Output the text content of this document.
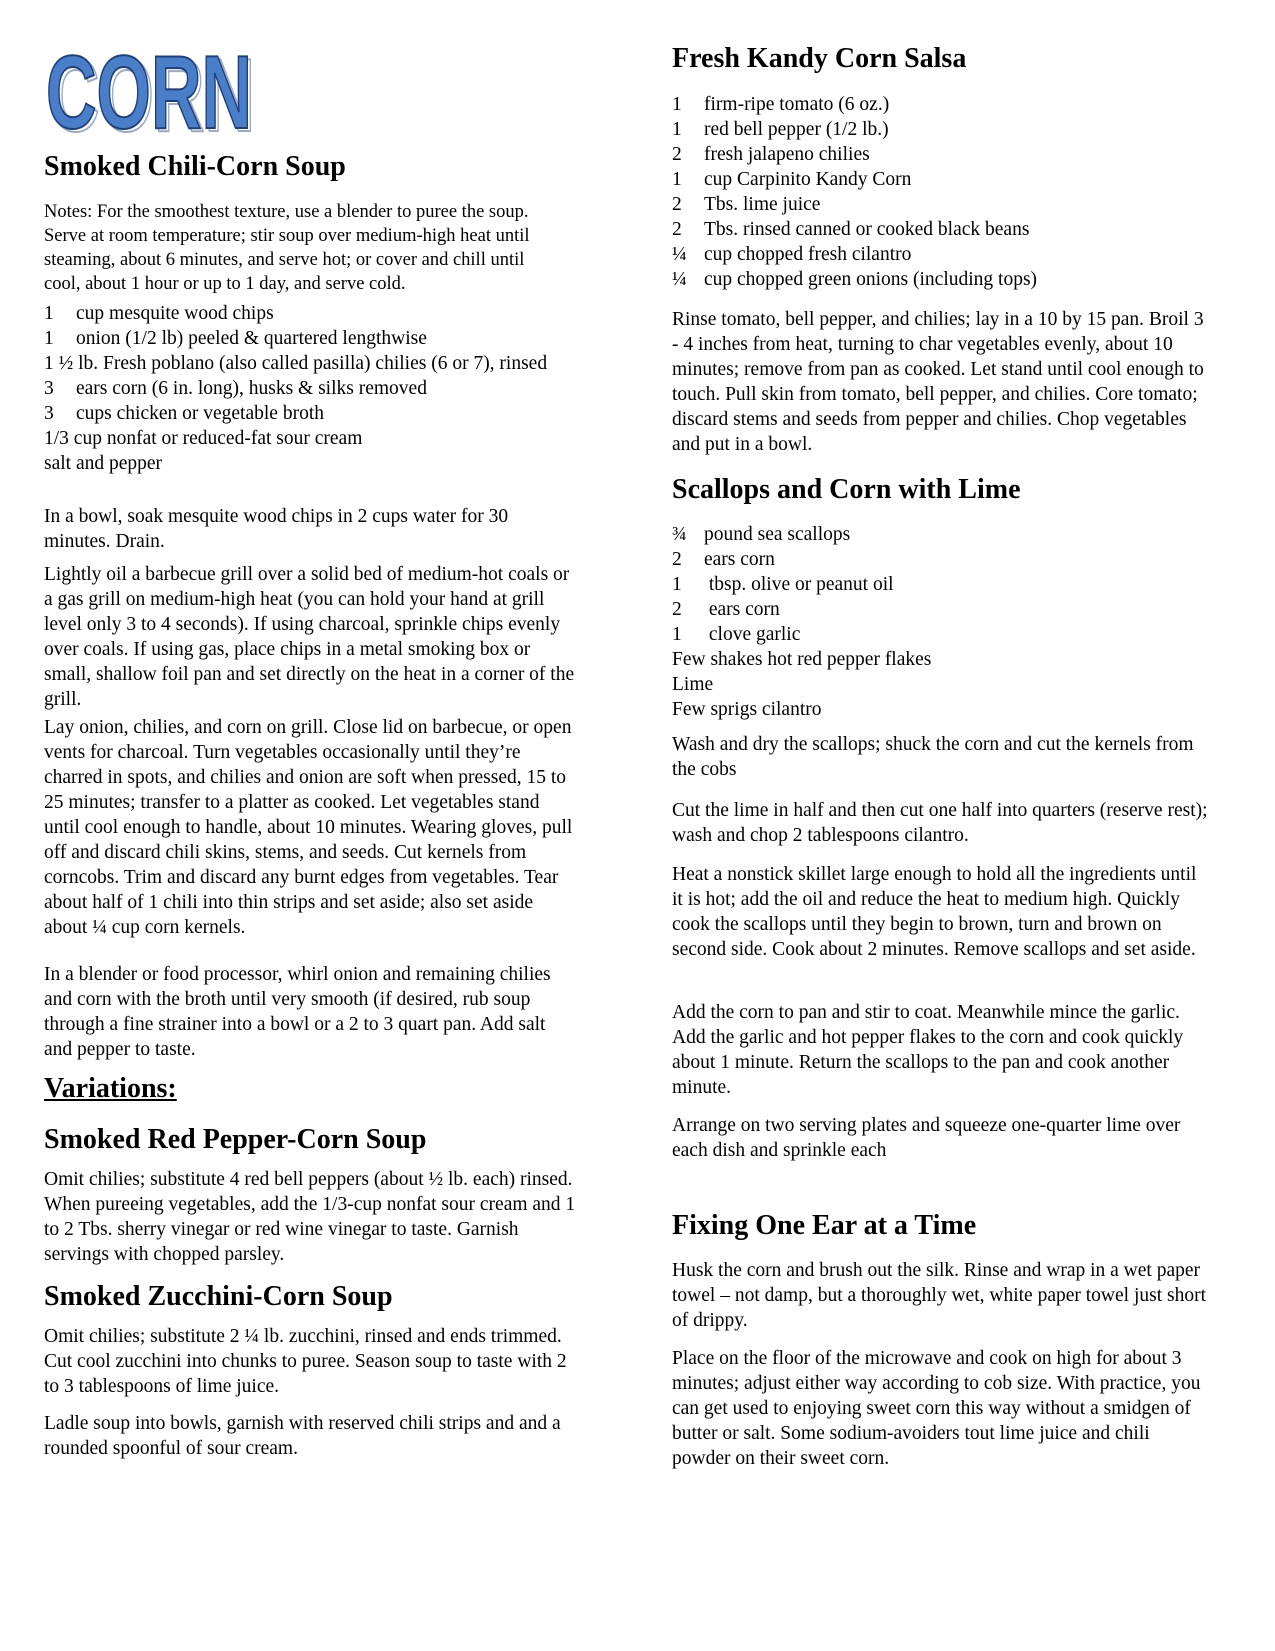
CORN
CORN
Smoked Chili-Corn Soup

Notes: For the smoothest texture, use a blender to puree the soup. Serve at room temperature; stir soup over medium-high heat until steaming, about 6 minutes, and serve hot; or cover and chill until cool, about 1 hour or up to 1 day, and serve cold.

1 cup mesquite wood chips
1 onion (1/2 lb) peeled & quartered lengthwise
1 ½ lb. Fresh poblano (also called pasilla) chilies (6 or 7), rinsed
3 ears corn (6 in. long), husks & silks removed
3 cups chicken or vegetable broth
1/3 cup nonfat or reduced-fat sour cream
salt and pepper

In a bowl, soak mesquite wood chips in 2 cups water for 30 minutes. Drain.

Lightly oil a barbecue grill over a solid bed of medium-hot coals or a gas grill on medium-high heat (you can hold your hand at grill level only 3 to 4 seconds). If using charcoal, sprinkle chips evenly over coals. If using gas, place chips in a metal smoking box or small, shallow foil pan and set directly on the heat in a corner of the grill.

Lay onion, chilies, and corn on grill. Close lid on barbecue, or open vents for charcoal. Turn vegetables occasionally until they’re charred in spots, and chilies and onion are soft when pressed, 15 to 25 minutes; transfer to a platter as cooked. Let vegetables stand until cool enough to handle, about 10 minutes. Wearing gloves, pull off and discard chili skins, stems, and seeds. Cut kernels from corncobs. Trim and discard any burnt edges from vegetables. Tear about half of 1 chili into thin strips and set aside; also set aside about ¼ cup corn kernels.

In a blender or food processor, whirl onion and remaining chilies and corn with the broth until very smooth (if desired, rub soup through a fine strainer into a bowl or a 2 to 3 quart pan. Add salt and pepper to taste.

Variations:
Smoked Red Pepper-Corn Soup

Omit chilies; substitute 4 red bell peppers (about ½ lb. each) rinsed. When pureeing vegetables, add the 1/3-cup nonfat sour cream and 1 to 2 Tbs. sherry vinegar or red wine vinegar to taste. Garnish servings with chopped parsley.

Smoked Zucchini-Corn Soup

Omit chilies; substitute 2 ¼ lb. zucchini, rinsed and ends trimmed. Cut cool zucchini into chunks to puree. Season soup to taste with 2 to 3 tablespoons of lime juice.

Ladle soup into bowls, garnish with reserved chili strips and and a rounded spoonful of sour cream.

Fresh Kandy Corn Salsa
1 firm-ripe tomato (6 oz.)
1 red bell pepper (1/2 lb.)
2 fresh jalapeno chilies
1 cup Carpinito Kandy Corn
2 Tbs. lime juice
2 Tbs. rinsed canned or cooked black beans
¼ cup chopped fresh cilantro
¼ cup chopped green onions (including tops)

Rinse tomato, bell pepper, and chilies; lay in a 10 by 15 pan. Broil 3 - 4 inches from heat, turning to char vegetables evenly, about 10 minutes; remove from pan as cooked. Let stand until cool enough to touch. Pull skin from tomato, bell pepper, and chilies. Core tomato; discard stems and seeds from pepper and chilies. Chop vegetables and put in a bowl.

Scallops and Corn with Lime
¾ pound sea scallops
2 ears corn
1 tbsp. olive or peanut oil
2 ears corn
1 clove garlic
Few shakes hot red pepper flakes
Lime
Few sprigs cilantro

Wash and dry the scallops; shuck the corn and cut the kernels from the cobs

Cut the lime in half and then cut one half into quarters (reserve rest); wash and chop 2 tablespoons cilantro.

Heat a nonstick skillet large enough to hold all the ingredients until it is hot; add the oil and reduce the heat to medium high. Quickly cook the scallops until they begin to brown, turn and brown on second side. Cook about 2 minutes. Remove scallops and set aside.

Add the corn to pan and stir to coat. Meanwhile mince the garlic. Add the garlic and hot pepper flakes to the corn and cook quickly about 1 minute. Return the scallops to the pan and cook another minute.

Arrange on two serving plates and squeeze one-quarter lime over each dish and sprinkle each

Fixing One Ear at a Time

Husk the corn and brush out the silk. Rinse and wrap in a wet paper towel – not damp, but a thoroughly wet, white paper towel just short of drippy.

Place on the floor of the microwave and cook on high for about 3 minutes; adjust either way according to cob size. With practice, you can get used to enjoying sweet corn this way without a smidgen of butter or salt. Some sodium-avoiders tout lime juice and chili powder on their sweet corn.
